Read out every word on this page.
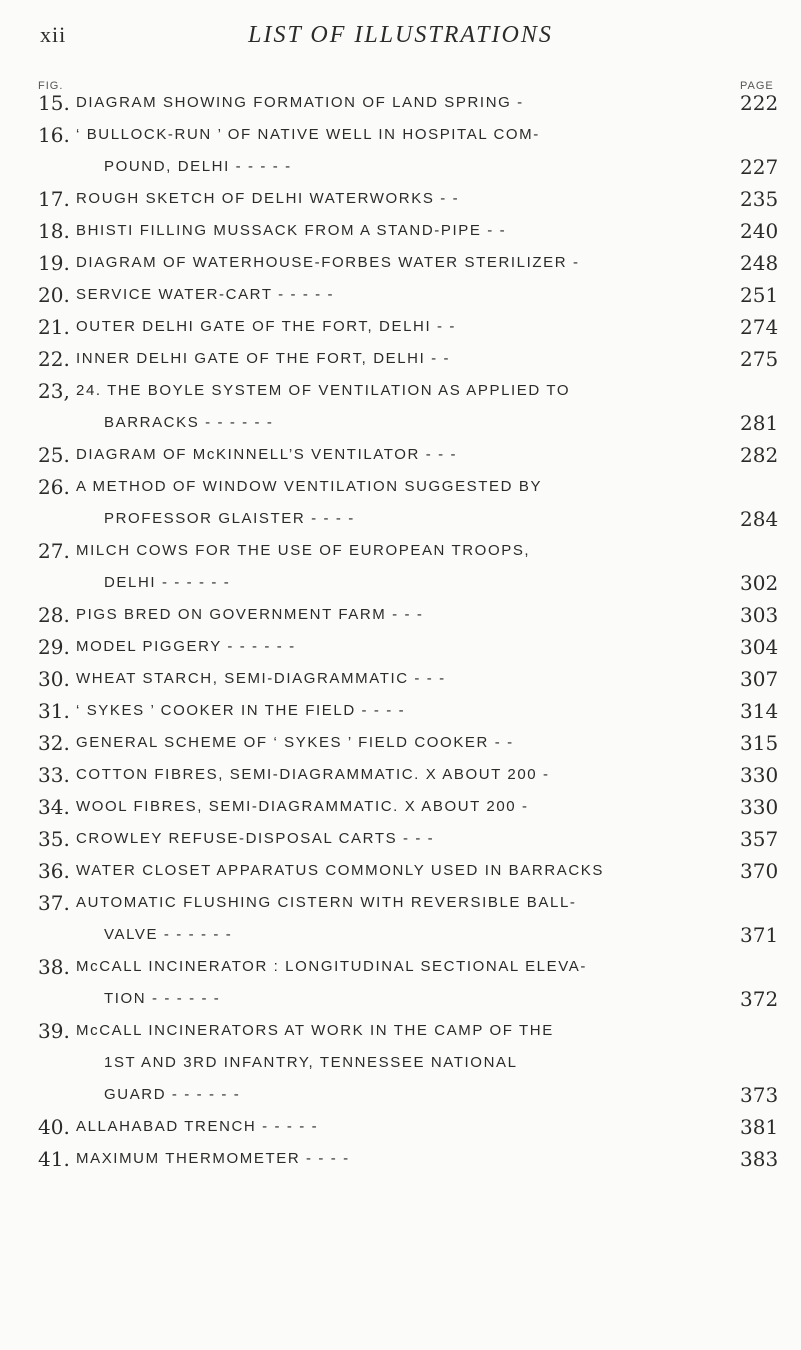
xii	LIST OF ILLUSTRATIONS
FIG.	PAGE
15. DIAGRAM SHOWING FORMATION OF LAND SPRING -	222
16. ‘ BULLOCK-RUN ’ OF NATIVE WELL IN HOSPITAL COM-
POUND, DELHI - - - - -	227
17. ROUGH SKETCH OF DELHI WATERWORKS - -	235
18. BHISTI FILLING MUSSACK FROM A STAND-PIPE - -	240
19. DIAGRAM OF WATERHOUSE-FORBES WATER STERILIZER -	248
20. SERVICE WATER-CART - - - - -	251
21. OUTER DELHI GATE OF THE FORT, DELHI - -	274
22. INNER DELHI GATE OF THE FORT, DELHI - -	275
23, 24. THE BOYLE SYSTEM OF VENTILATION AS APPLIED TO
BARRACKS - - - - - -	281
25. DIAGRAM OF McKINNELL’S VENTILATOR - - -	282
26. A METHOD OF WINDOW VENTILATION SUGGESTED BY
PROFESSOR GLAISTER - - - -	284
27. MILCH COWS FOR THE USE OF EUROPEAN TROOPS,
DELHI - - - - - -	302
28. PIGS BRED ON GOVERNMENT FARM - - -	303
29. MODEL PIGGERY - - - - - -	304
30. WHEAT STARCH, SEMI-DIAGRAMMATIC - - -	307
31. ‘ SYKES ’ COOKER IN THE FIELD - - - -	314
32. GENERAL SCHEME OF ‘ SYKES ’ FIELD COOKER - -	315
33. COTTON FIBRES, SEMI-DIAGRAMMATIC. X ABOUT 200 -	330
34. WOOL FIBRES, SEMI-DIAGRAMMATIC. X ABOUT 200 -	330
35. CROWLEY REFUSE-DISPOSAL CARTS - - -	357
36. WATER CLOSET APPARATUS COMMONLY USED IN BARRACKS	370
37. AUTOMATIC FLUSHING CISTERN WITH REVERSIBLE BALL-
VALVE - - - - - -	371
38. McCALL INCINERATOR : LONGITUDINAL SECTIONAL ELEVA-
TION - - - - - -	372
39. McCALL INCINERATORS AT WORK IN THE CAMP OF THE
1ST AND 3RD INFANTRY, TENNESSEE NATIONAL
GUARD - - - - - -	373
40. ALLAHABAD TRENCH - - - - -	381
41. MAXIMUM THERMOMETER - - - -	383
